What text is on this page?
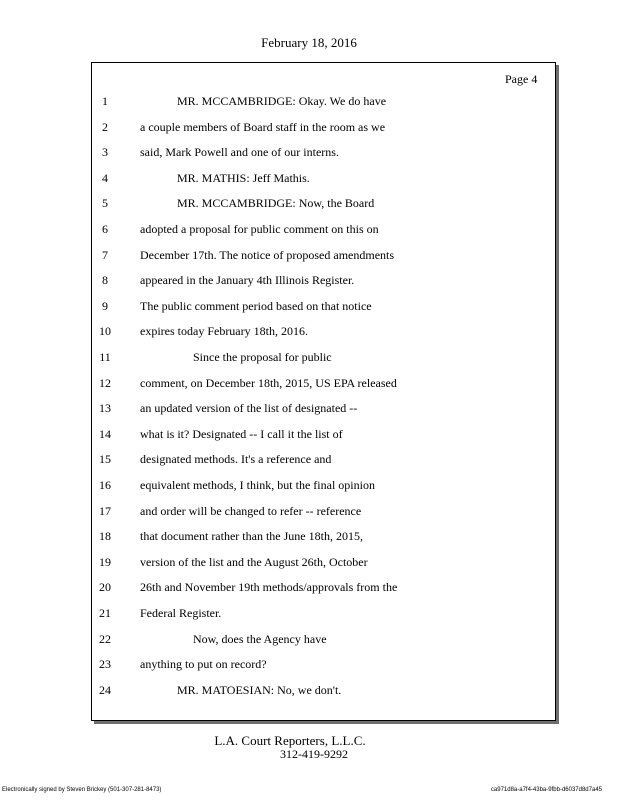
February 18, 2016
Page 4
1	MR. MCCAMBRIDGE: Okay. We do have
2	a couple members of Board staff in the room as we
3	said, Mark Powell and one of our interns.
4	MR. MATHIS: Jeff Mathis.
5	MR. MCCAMBRIDGE: Now, the Board
6	adopted a proposal for public comment on this on
7	December 17th. The notice of proposed amendments
8	appeared in the January 4th Illinois Register.
9	The public comment period based on that notice
10	expires today February 18th, 2016.
11	Since the proposal for public
12	comment, on December 18th, 2015, US EPA released
13	an updated version of the list of designated --
14	what is it? Designated -- I call it the list of
15	designated methods. It's a reference and
16	equivalent methods, I think, but the final opinion
17	and order will be changed to refer -- reference
18	that document rather than the June 18th, 2015,
19	version of the list and the August 26th, October
20	26th and November 19th methods/approvals from the
21	Federal Register.
22	Now, does the Agency have
23	anything to put on record?
24	MR. MATOESIAN: No, we don't.
L.A. Court Reporters, L.L.C.
312-419-9292
Electronically signed by Steven Brickey (501-307-281-8473)	ca971d8a-a7f4-43ba-9fbb-d6037d8d7a45
